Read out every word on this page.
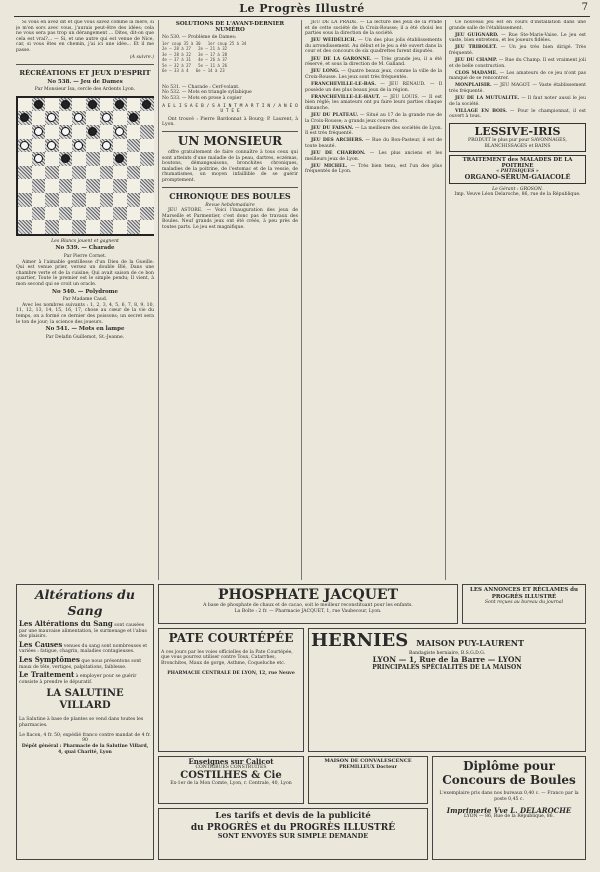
Le Progrès Illustré	7

Si vous en avez dit et que vous savez comme la mère, si je m'en sors avec vous, j'aurais peut-être des idées; cela ne vous sera pas trop un dérangement ... Dites, dit-on que cela est vrai?... — Si, et une autre qui est venue de Nice, car, si vous êtes en chemin, j'ai ici une idée... Et il me passe.

(A suivre.)
RÉCRÉATIONS ET JEUX D'ESPRIT
No 538. — Jeu de Dames
Par Monsieur Isa, cercle des Ardents Lyon.
Les Blancs jouent et gagnent
No 539. — Charade
Par Pierre Cornet.

Aimer à l'aimable gentillesse d'un Dieu de la Gueille. Qui est venue prier, versez un double Blé, Dans une chambre verte et de la cuisine; Qui avait saison de ce bon quartier, Toute le premier est le simple pendu; Il vient, à mon second qui se croit un oracle.

No 540. — Polydrome
Par Madame Caud.

Avec les nombres suivants : 1, 2, 3, 4, 5, 6, 7, 8, 9, 10, 11, 12, 13, 14, 15, 16, 17, chose au cœur de la vie du temps, on a formé ce dernier des poissons; un secret sera le ton de jour; la science des joueurs.

No 541. — Mots en lampe
Par Delafin Guillemot, St.-Jeanne.
SOLUTIONS DE L'AVANT-DERNIER NUMÉRO
No 530. — Problème de Dames:
1er coup 35 à 30   1er coup 25 à 34
2e — 28 à 27   2e — 21 à 32
3e — 28 à 22   3e — 17 à 28
4e — 37 à 31   4e — 26 à 37
5e — 32 à 27   5e — 11 à 26
6e — 33 à 4   6e — 14 à 23
No 531. — Charade : Cerf-volant.
No 532. — Mots en triangle syllabique
No 533. — Mots en prose à copier
A E L I S A E B / S A I N T M A R T I N / A N E O U T E E

Ont trouvé : Pierre Bardonnat à Bourg; P. Laurent, à Lyon.

UN MONSIEUR

offre gratuitement de faire connaître à tous ceux qui sont atteints d'une maladie de la peau, dartres, eczémas, boutons, démangeaisons, bronchites chroniques, maladies de la poitrine, de l'estomac et de la vessie, de rhumatismes, un moyen infaillible de se guérir promptement.

CHRONIQUE DES BOULES
Revue hebdomadaire

JEU ASTORE. — Voici l'inauguration des jeux de Marseille et Parmentier, c'est donc pas de travaux des Boules. Neuf grands jeux ont été créés, à peu près de toutes parts. Le jeu est magnifique.

JEU DE LA PRADE. — La lecture des jeux de la Prade et de cette société de la Croix-Rousse; il a été choisi les parties sous la direction de la société.

JEU WEIDELICH. — Un des plus jolis établissements du arrondissement. Au début et le jeu a été ouvert dans la cour et des concours de six quadrettes furent disputés.

JEU DE LA GARONNE. — Très grande jeu, il a été réservé, et sous la direction de M. Galland.

JEU LONG. — Quatre beaux jeux, comme la ville de la Croix-Rousse. Les jeux sont très fréquentés.

FRANCHEVILLE-LE-BAS. — JEU RENAUD. — Il possède un des plus beaux jeux de la région.

FRANCHEVILLE-LE-HAUT. — JEU LOUIS. — Il est bien réglé; les amateurs ont pu faire leurs parties chaque dimanche.

JEU DU PLATEAU. — Situé au 17 de la grande rue de la Croix-Rousse; a grands jeux couverts.

JEU DU FAISAN. — La meilleure des sociétés de Lyon. Il est très fréquenté.

JEU DES ARCHERS. — Rue du Bon-Pasteur, il est de toute beauté.

JEU DE CHARRON. — Les plus anciens et les meilleurs jeux de Lyon.

JEU MICHEL. — Très bien tenu, est l'un des plus fréquentés de Lyon.

Ce nouveau jeu est en cours d'installation dans une grande salle de l'établissement.

JEU GUIGNARD. — Rue Ste-Marie-Vaise. Le jeu est vaste, bien entretenu, et les joueurs fidèles.

JEU TRIBOLET. — Un jeu très bien dirigé. Très fréquenté.

JEU DU CHAMP. — Rue du Champ. Il est vraiment joli et de belle construction.

CLOS MADAME. — Les amateurs de ce jeu n'ont pas manqué de se rencontrer.

MONPLAISIR. — JEU MAGOT. — Vaste établissement très fréquenté.

JEU DE LA MUTUALITE. — Il faut noter aussi le jeu de la société.

VILLAGE EN BOIS. — Pour le championnat, il est ouvert à tous.

LESSIVE-IRIS
PRODUIT le plus pur pour SAVONNAGES, BLANCHISSAGES et BAINS
TRAITEMENT des MALADES DE LA POITRINE
« PHTISIQUES »
ORGANO-SÉRUM-GAIACOLÉ
Le Gérant : GROSON.
Imp. Veuve Léon Delaroche, 86, rue de la République.
Altérations du Sang

Les Altérations du Sang sont causées par une mauvaise alimentation, le surmenage et l'abus des plaisirs.

Les Causes venues du sang sont nombreuses et variées : fatigue, chagrin, maladies contagieuses.

Les Symptômes que nous présentons sont maux de tête, vertiges, palpitations, faiblesse.

Le Traitement à employer pour se guérir consiste à prendre le dépuratif.

LA SALUTINE VILLARD

La Salutine à base de plantes se vend dans toutes les pharmacies.

Le flacon, 4 fr. 50; expédié franco contre mandat de 4 fr. 90
Dépôt général : Pharmacie de la Salutine Villard, 4, quai Charité, Lyon
PHOSPHATE JACQUET
A base de phosphate de chaux et de cacao, soit le meilleur reconstituant pour les enfants.
La Boîte : 2 fr. — Pharmacie JACQUET, 1, rue Vaubecour, Lyon.
LES ANNONCES ET RÉCLAMES du PROGRÈS ILLUSTRÉ
Sont reçues au bureau du journal
PATE COURTÉPÉE

A ces jours par les voies officielles de la Pate Courtépée, que vous pourrez utiliser contre Toux, Catarrhes, Bronchites, Maux de gorge, Asthme, Coqueluche etc.

PHARMACIE CENTRALE DE LYON, 12, rue Neuve
HERNIES MAISON PUY-LAURENT
Bandagiste herniaire, B.S.G.D.G.
LYON — 1, Rue de la Barre — LYON
PRINCIPALES SPÉCIALITÉS DE LA MAISON
Enseignes sur Calicot
CONTRIBUES CONSTRUITES
COSTILHES & Cie
Ex-1er de la Mon Comte, Lyon, r. Centrale, 40, Lyon
MAISON DE CONVALESCENCE
PREMILLEUX Docteur	Diplôme pour Concours de Boules
L'exemplaire pris dans nos bureaux 0,40 c. — Franco par la poste 0,45 c.
Imprimerie Vve L. DELAROCHE
LYON — 86, Rue de la République, 86.
Les tarifs et devis de la publicité
du PROGRÈS et du PROGRÈS ILLUSTRÉ
SONT ENVOYÉS SUR SIMPLE DEMANDE
